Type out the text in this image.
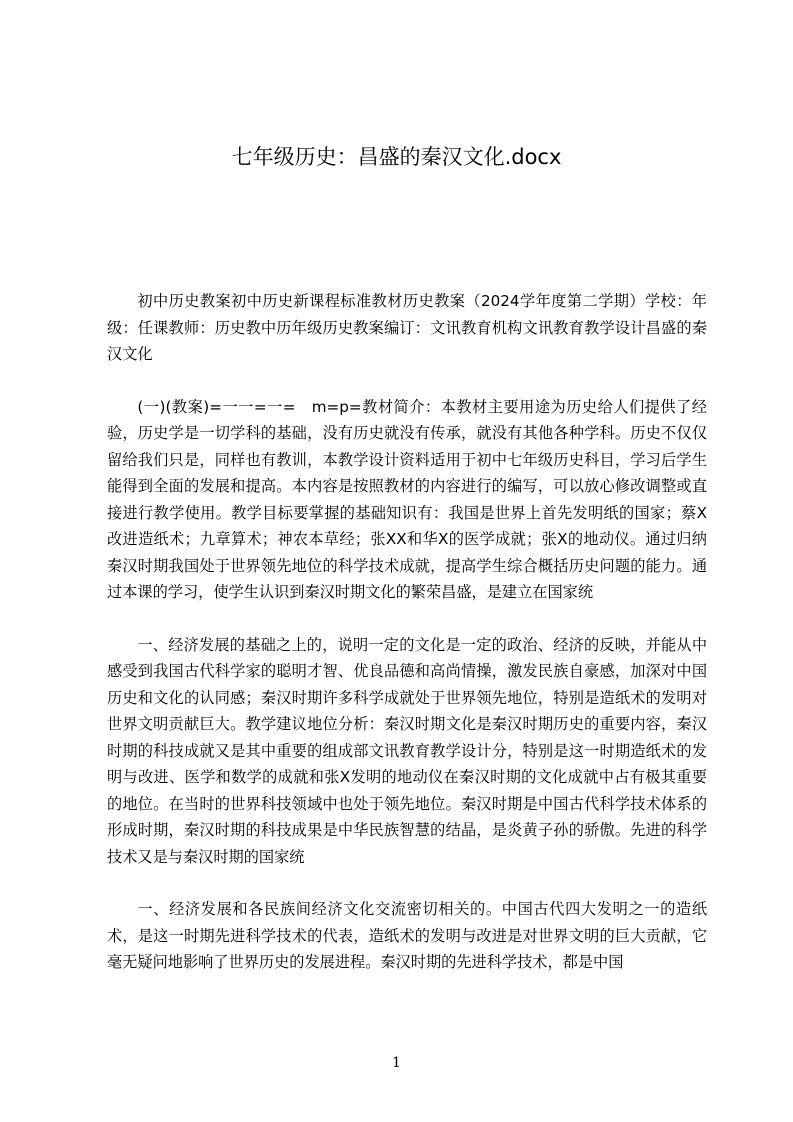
七年级历史：昌盛的秦汉文化.docx

初中历史教案初中历史新课程标准教材历史教案（2024学年度第二学期）学校：年级：任课教师：历史教中历年级历史教案编订：文讯教育机构文讯教育教学设计昌盛的秦汉文化

(一)(教案)=一一=一=　m=p=教材简介：本教材主要用途为历史给人们提供了经验，历史学是一切学科的基础，没有历史就没有传承，就没有其他各种学科。历史不仅仅留给我们只是，同样也有教训，本教学设计资料适用于初中七年级历史科目，学习后学生能得到全面的发展和提高。本内容是按照教材的内容进行的编写，可以放心修改调整或直接进行教学使用。教学目标要掌握的基础知识有：我国是世界上首先发明纸的国家；蔡X改进造纸术；九章算术；神农本草经；张XX和华X的医学成就；张X的地动仪。通过归纳秦汉时期我国处于世界领先地位的科学技术成就，提高学生综合概括历史问题的能力。通过本课的学习，使学生认识到秦汉时期文化的繁荣昌盛，是建立在国家统

一、经济发展的基础之上的，说明一定的文化是一定的政治、经济的反映，并能从中感受到我国古代科学家的聪明才智、优良品德和高尚情操，激发民族自豪感，加深对中国历史和文化的认同感；秦汉时期许多科学成就处于世界领先地位，特别是造纸术的发明对世界文明贡献巨大。教学建议地位分析：秦汉时期文化是秦汉时期历史的重要内容，秦汉时期的科技成就又是其中重要的组成部文讯教育教学设计分，特别是这一时期造纸术的发明与改进、医学和数学的成就和张X发明的地动仪在秦汉时期的文化成就中占有极其重要的地位。在当时的世界科技领域中也处于领先地位。秦汉时期是中国古代科学技术体系的形成时期，秦汉时期的科技成果是中华民族智慧的结晶，是炎黄子孙的骄傲。先进的科学技术又是与秦汉时期的国家统

一、经济发展和各民族间经济文化交流密切相关的。中国古代四大发明之一的造纸术，是这一时期先进科学技术的代表，造纸术的发明与改进是对世界文明的巨大贡献，它毫无疑问地影响了世界历史的发展进程。秦汉时期的先进科学技术，都是中国

1
